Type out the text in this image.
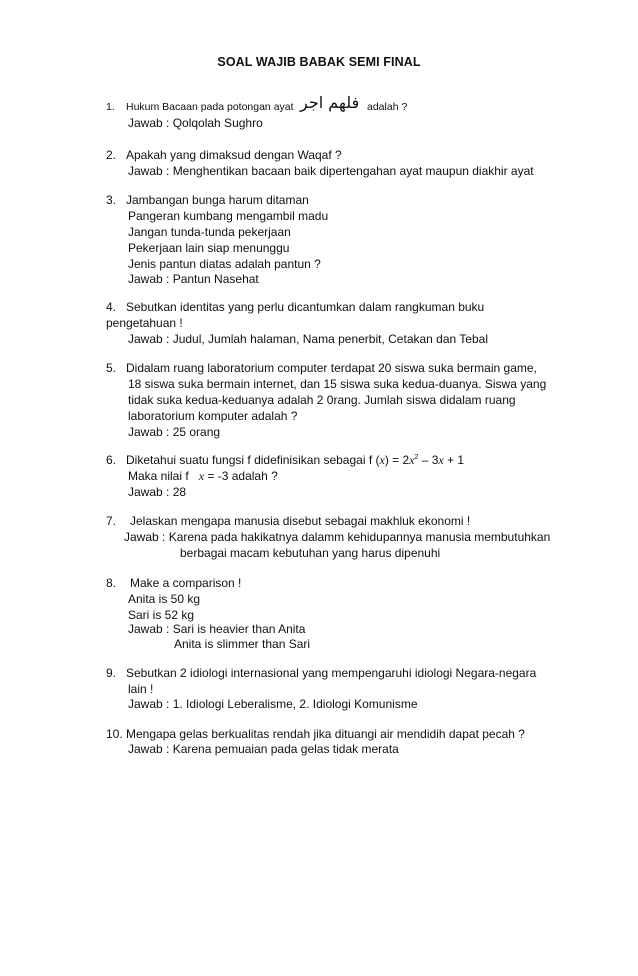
SOAL WAJIB BABAK SEMI FINAL
1. Hukum Bacaan pada potongan ayat فلهم اجر adalah ?
Jawab : Qolqolah Sughro
2. Apakah yang dimaksud dengan Waqaf ?
Jawab : Menghentikan bacaan baik dipertengahan ayat maupun diakhir ayat
3. Jambangan bunga harum ditaman
Pangeran kumbang mengambil madu
Jangan tunda-tunda pekerjaan
Pekerjaan lain siap menunggu
Jenis pantun diatas adalah pantun ?
Jawab : Pantun Nasehat
4. Sebutkan identitas yang perlu dicantumkan dalam rangkuman buku
pengetahuan !
Jawab : Judul, Jumlah halaman, Nama penerbit, Cetakan dan Tebal
5. Didalam ruang laboratorium computer terdapat 20 siswa suka bermain game,
18 siswa suka bermain internet, dan 15 siswa suka kedua-duanya. Siswa yang
tidak suka kedua-keduanya adalah 2 0rang. Jumlah siswa didalam ruang
laboratorium komputer adalah ?
Jawab : 25 orang
6. Diketahui suatu fungsi f didefinisikan sebagai f $(x) = 2x^2 - 3x + 1$
Maka nilai f x = -3 adalah ?
Jawab : 28
7. Jelaskan mengapa manusia disebut sebagai makhluk ekonomi !
Jawab : Karena pada hakikatnya dalamm kehidupannya manusia membutuhkan
berbagai macam kebutuhan yang harus dipenuhi
8. Make a comparison !
Anita is 50 kg
Sari is 52 kg
Jawab : Sari is heavier than Anita
Anita is slimmer than Sari
9. Sebutkan 2 idiologi internasional yang mempengaruhi idiologi Negara-negara
lain !
Jawab : 1. Idiologi Leberalisme, 2. Idiologi Komunisme
10. Mengapa gelas berkualitas rendah jika dituangi air mendidih dapat pecah ?
Jawab : Karena pemuaian pada gelas tidak merata
